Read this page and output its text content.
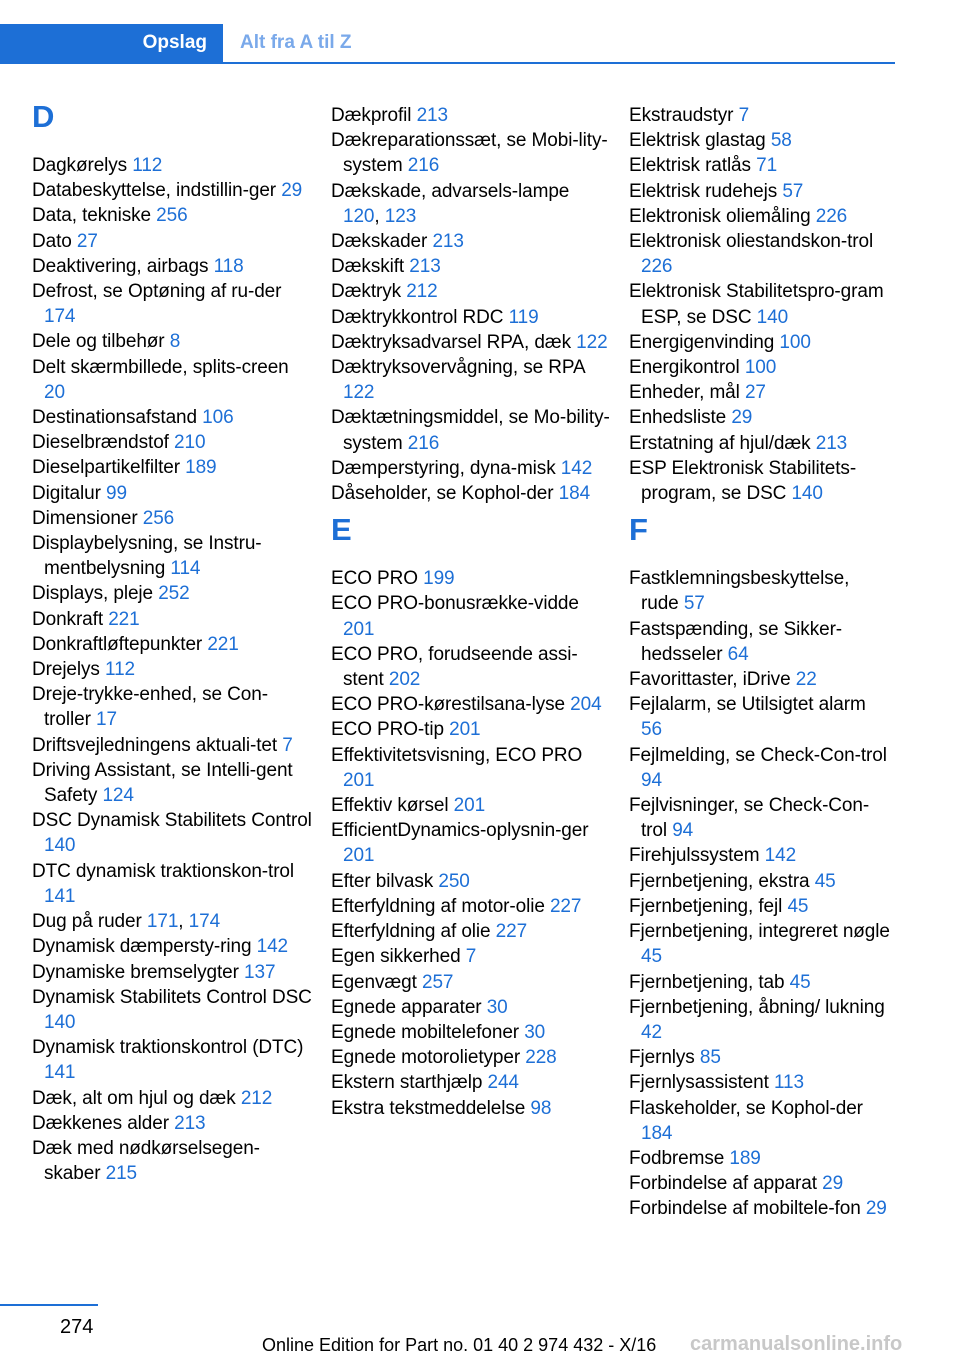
Opslag	Alt fra A til Z
D
Dagkørelys 112
Databeskyttelse, indstillin-ger 29
Data, tekniske 256
Dato 27
Deaktivering, airbags 118
Defrost, se Optøning af ru-der 174
Dele og tilbehør 8
Delt skærmbillede, splits-creen 20
Destinationsafstand 106
Dieselbrændstof 210
Dieselpartikelfilter 189
Digitalur 99
Dimensioner 256
Displaybelysning, se Instru-mentbelysning 114
Displays, pleje 252
Donkraft 221
Donkraftløftepunkter 221
Drejelys 112
Dreje-trykke-enhed, se Con-troller 17
Driftsvejledningens aktuali-tet 7
Driving Assistant, se Intelli-gent Safety 124
DSC Dynamisk Stabilitets Control 140
DTC dynamisk traktionskon-trol 141
Dug på ruder 171, 174
Dynamisk dæmpersty-ring 142
Dynamiske bremselygter 137
Dynamisk Stabilitets Control DSC 140
Dynamisk traktionskontrol (DTC) 141
Dæk, alt om hjul og dæk 212
Dækkenes alder 213
Dæk med nødkørselsegen-skaber 215
Dækprofil 213
Dækreparationssæt, se Mobi-lity-system 216
Dækskade, advarsels-lampe 120, 123
Dækskader 213
Dækskift 213
Dæktryk 212
Dæktrykkontrol RDC 119
Dæktryksadvarsel RPA, dæk 122
Dæktryksovervågning, se RPA 122
Dæktætningsmiddel, se Mo-bility-system 216
Dæmperstyring, dyna-misk 142
Dåseholder, se Kophol-der 184
E
ECO PRO 199
ECO PRO-bonusrække-vidde 201
ECO PRO, forudseende assi-stent 202
ECO PRO-kørestilsana-lyse 204
ECO PRO-tip 201
Effektivitetsvisning, ECO PRO 201
Effektiv kørsel 201
EfficientDynamics-oplysnin-ger 201
Efter bilvask 250
Efterfyldning af motor-olie 227
Efterfyldning af olie 227
Egen sikkerhed 7
Egenvægt 257
Egnede apparater 30
Egnede mobiltelefoner 30
Egnede motorolietyper 228
Ekstern starthjælp 244
Ekstra tekstmeddelelse 98
Ekstraudstyr 7
Elektrisk glastag 58
Elektrisk ratlås 71
Elektrisk rudehejs 57
Elektronisk oliemåling 226
Elektronisk oliestandskon-trol 226
Elektronisk Stabilitetspro-gram ESP, se DSC 140
Energigenvinding 100
Energikontrol 100
Enheder, mål 27
Enhedsliste 29
Erstatning af hjul/dæk 213
ESP Elektronisk Stabilitets-program, se DSC 140
F
Fastklemningsbeskyttelse, rude 57
Fastspænding, se Sikker-hedsseler 64
Favorittaster, iDrive 22
Fejlalarm, se Utilsigtet alarm 56
Fejlmelding, se Check-Con-trol 94
Fejlvisninger, se Check-Con-trol 94
Firehjulssystem 142
Fjernbetjening, ekstra 45
Fjernbetjening, fejl 45
Fjernbetjening, integreret nøgle 45
Fjernbetjening, tab 45
Fjernbetjening, åbning/ lukning 42
Fjernlys 85
Fjernlysassistent 113
Flaskeholder, se Kophol-der 184
Fodbremse 189
Forbindelse af apparat 29
Forbindelse af mobiltele-fon 29
274
Online Edition for Part no. 01 40 2 974 432 - X/16 carmanualsonline.info
